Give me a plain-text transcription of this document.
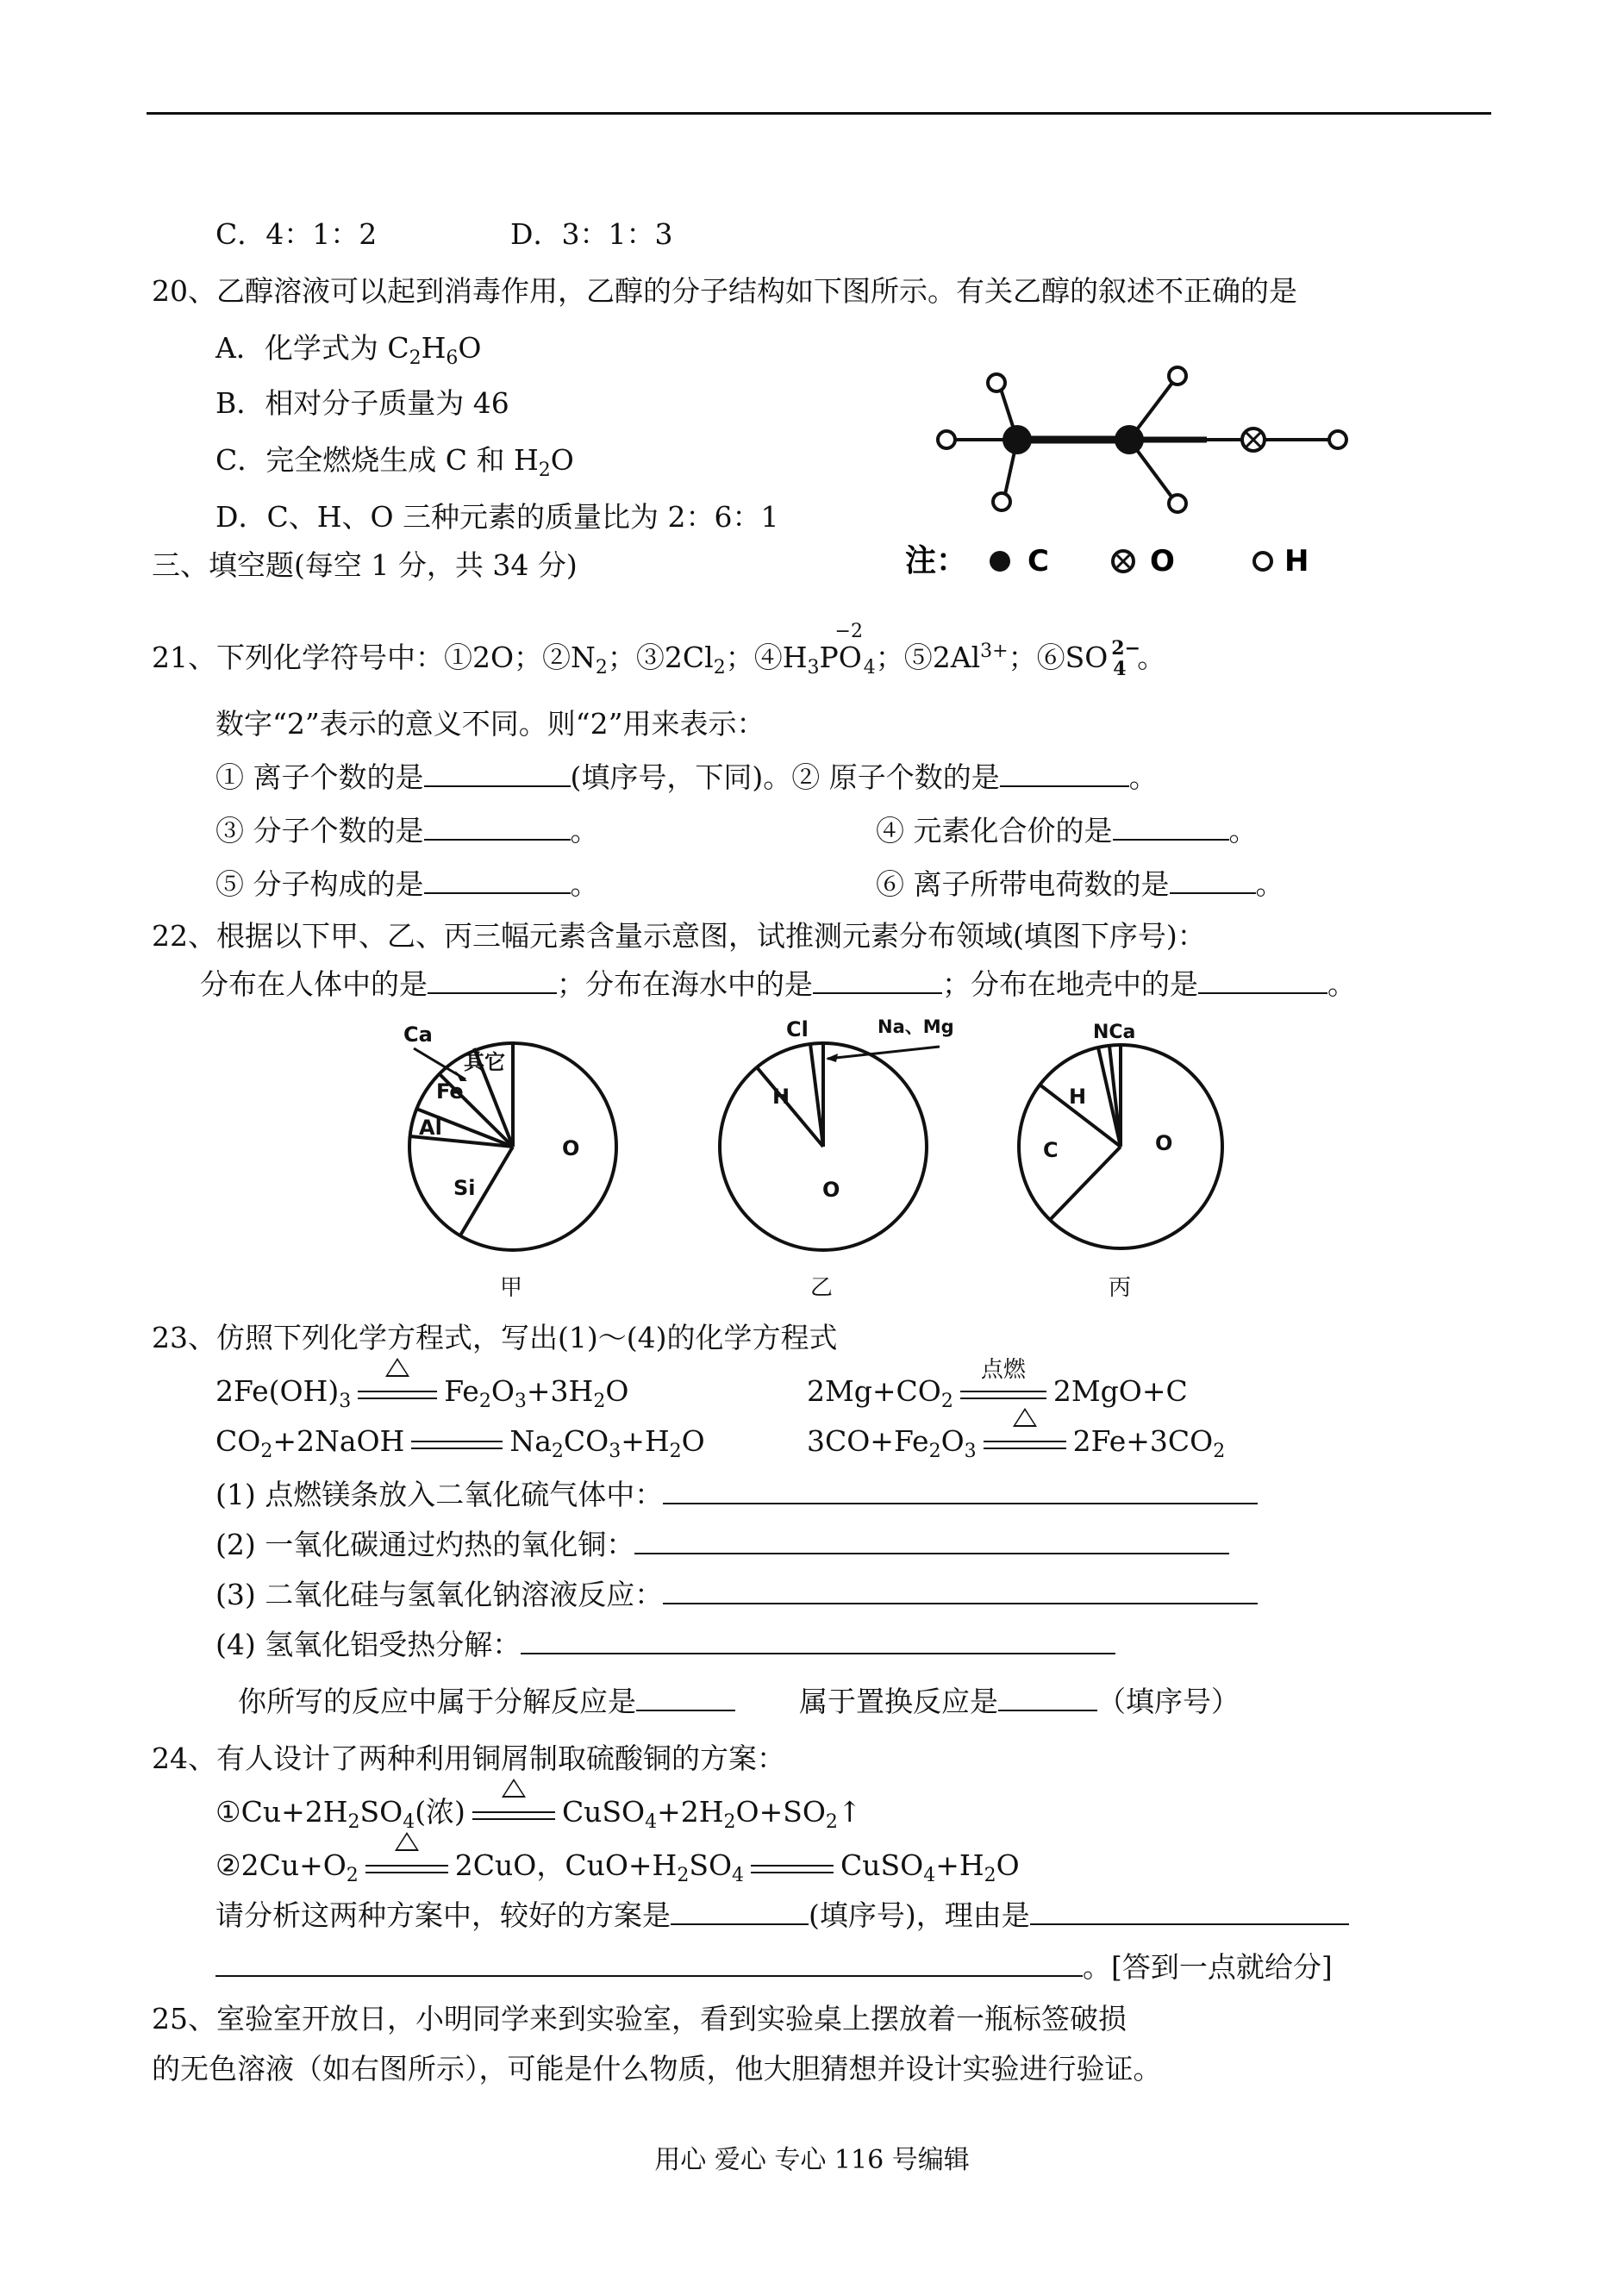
C．4：1：2	D．3：1：3
20、乙醇溶液可以起到消毒作用，乙醇的分子结构如下图所示。有关乙醇的叙述不正确的是
A．化学式为 $C_2H_6O$
B．相对分子质量为 46
C．完全燃烧生成 C 和 $H_2O$
D．C、H、O 三种元素的质量比为 2：6：1
注： C	O	H
三、填空题(每空 1 分，共 34 分)
21、下列化学符号中：①2O；$②N_2$；$③2Cl_2$；$④H_3$
−2
$PO_4$；$⑤2Al^{3+}$；⑥SO 2−
4 。
数字“2”表示的意义不同。则“2”用来表示：
① 离子个数的是	(填序号，下同)。② 原子个数的是	。
③ 分子个数的是	。	④ 元素化合价的是	。
⑤ 分子构成的是	。	⑥ 离子所带电荷数的是	。
22、根据以下甲、乙、丙三幅元素含量示意图，试推测元素分布领域(填图下序号)：
分布在人体中的是	；分布在海水中的是	；分布在地壳中的是	。
Ca
其它
Fe
Al
Si
O
Cl	Na、Mg
H
O
NCa
H
C	O
甲	乙	丙
23、仿照下列化学方程式，写出(1)～(4)的化学方程式
$2Fe(OH)_3$	$Fe_2O_3+3H_2O$	$2Mg+CO_2$
点燃
2MgO+C
$CO_2+2NaOH$	$Na_2CO_3+H_2O$	$3CO+Fe_2O_3$	$2Fe+3CO_2$
(1) 点燃镁条放入二氧化硫气体中：
(2) 一氧化碳通过灼热的氧化铜：
(3) 二氧化硅与氢氧化钠溶液反应：
(4) 氢氧化铝受热分解：
你所写的反应中属于分解反应是	属于置换反应是	（填序号）
24、有人设计了两种利用铜屑制取硫酸铜的方案：
$①Cu+2H_2SO_4$(浓)	$CuSO_4+2H_2O+SO_2↑$
$②2Cu+O_2$	2CuO，$CuO+H_2SO_4$	$CuSO_4+H_2O$
请分析这两种方案中，较好的方案是	(填序号)，理由是
。[答到一点就给分]
25、室验室开放日，小明同学来到实验室，看到实验桌上摆放着一瓶标签破损
的无色溶液（如右图所示），可能是什么物质，他大胆猜想并设计实验进行验证。
用心 爱心 专心 116 号编辑
